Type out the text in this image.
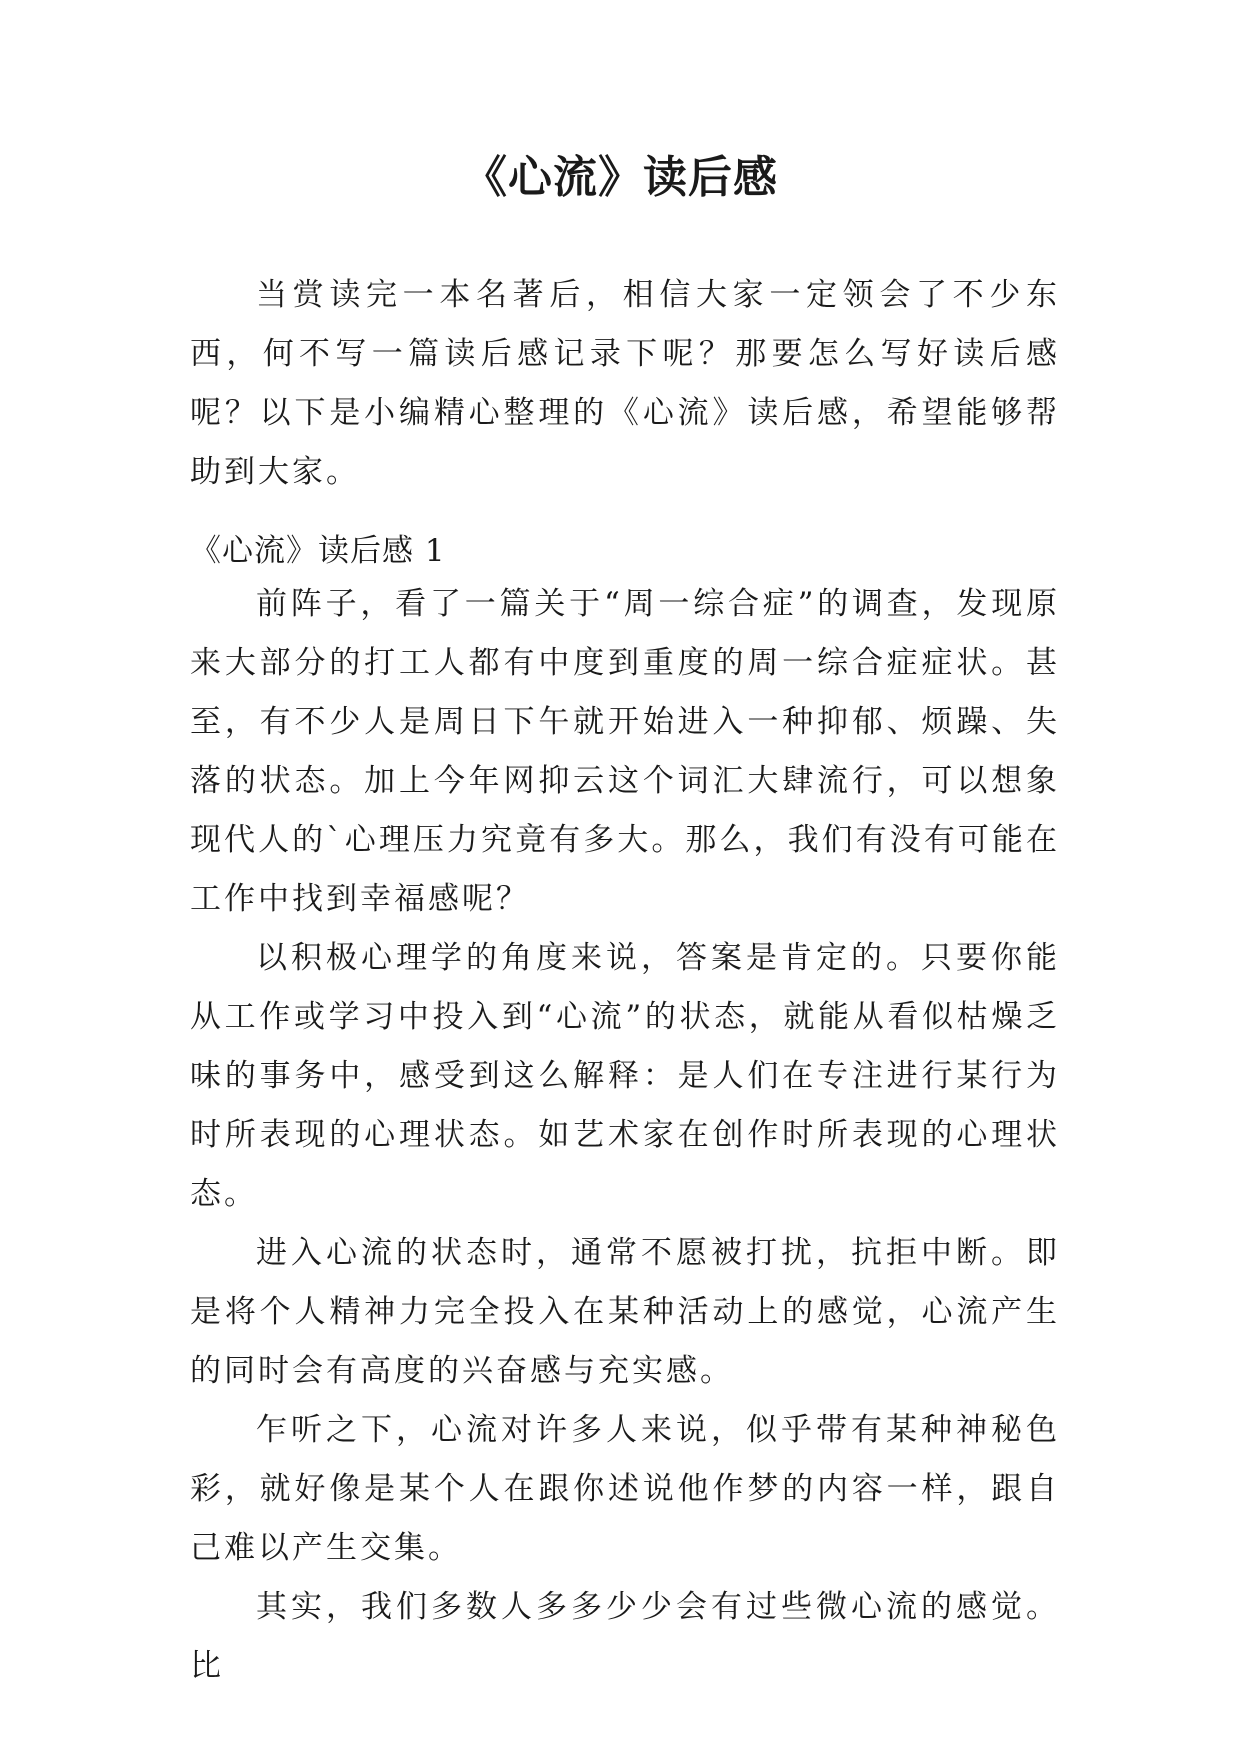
《心流》读后感

当赏读完一本名著后，相信大家一定领会了不少东西，何不写一篇读后感记录下呢？那要怎么写好读后感呢？以下是小编精心整理的《心流》读后感，希望能够帮助到大家。

《心流》读后感 1

前阵子，看了一篇关于“周一综合症”的调查，发现原来大部分的打工人都有中度到重度的周一综合症症状。甚至，有不少人是周日下午就开始进入一种抑郁、烦躁、失落的状态。加上今年网抑云这个词汇大肆流行，可以想象现代人的`心理压力究竟有多大。那么，我们有没有可能在工作中找到幸福感呢？

以积极心理学的角度来说，答案是肯定的。只要你能从工作或学习中投入到“心流”的状态，就能从看似枯燥乏味的事务中，感受到这么解释：是人们在专注进行某行为时所表现的心理状态。如艺术家在创作时所表现的心理状态。

进入心流的状态时，通常不愿被打扰，抗拒中断。即是将个人精神力完全投入在某种活动上的感觉，心流产生的同时会有高度的兴奋感与充实感。

乍听之下，心流对许多人来说，似乎带有某种神秘色彩，就好像是某个人在跟你述说他作梦的内容一样，跟自己难以产生交集。

其实，我们多数人多多少少会有过些微心流的感觉。比
